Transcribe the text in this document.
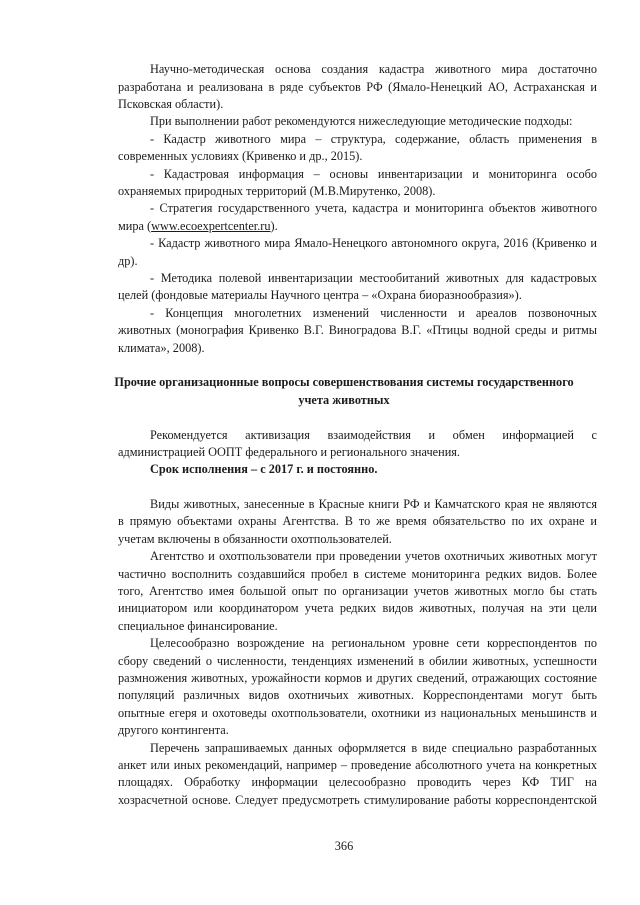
Научно-методическая основа создания кадастра животного мира достаточно
разработана и реализована в ряде субъектов РФ (Ямало-Ненецкий АО, Астраханская и
Псковская области).
При выполнении работ рекомендуются нижеследующие методические подходы:
- Кадастр животного мира – структура, содержание, область применения в
современных условиях (Кривенко и др., 2015).
- Кадастровая информация – основы инвентаризации и мониторинга особо
охраняемых природных территорий (М.В.Мирутенко, 2008).
- Стратегия государственного учета, кадастра и мониторинга объектов животного
мира (www.ecoexpertcenter.ru).
- Кадастр животного мира Ямало-Ненецкого автономного округа, 2016 (Кривенко и
др).
- Методика полевой инвентаризации местообитаний животных для кадастровых
целей (фондовые материалы Научного центра – «Охрана биоразнообразия»).
- Концепция многолетних изменений численности и ареалов позвоночных
животных (монография Кривенко В.Г. Виноградова В.Г. «Птицы водной среды и ритмы
климата», 2008).
Прочие организационные вопросы совершенствования системы государственного
учета животных
Рекомендуется активизация взаимодействия и обмен информацией с
администрацией ООПТ федерального и регионального значения.
Срок исполнения – с 2017 г. и постоянно.
Виды животных, занесенные в Красные книги РФ и Камчатского края не являются
в прямую объектами охраны Агентства. В то же время обязательство по их охране и
учетам включены в обязанности охотпользователей.
Агентство и охотпользователи при проведении учетов охотничьих животных могут
частично восполнить создавшийся пробел в системе мониторинга редких видов. Более
того, Агентство имея большой опыт по организации учетов животных могло бы стать
инициатором или координатором учета редких видов животных, получая на эти цели
специальное финансирование.
Целесообразно возрождение на региональном уровне сети корреспондентов по
сбору сведений о численности, тенденциях изменений в обилии животных, успешности
размножения животных, урожайности кормов и других сведений, отражающих состояние
популяций различных видов охотничьих животных. Корреспондентами могут быть
опытные егеря и охотоведы охотпользователи, охотники из национальных меньшинств и
другого контингента.
Перечень запрашиваемых данных оформляется в виде специально разработанных
анкет или иных рекомендаций, например – проведение абсолютного учета на конкретных
площадях. Обработку информации целесообразно проводить через КФ ТИГ на
хозрасчетной основе. Следует предусмотреть стимулирование работы корреспондентской
366
